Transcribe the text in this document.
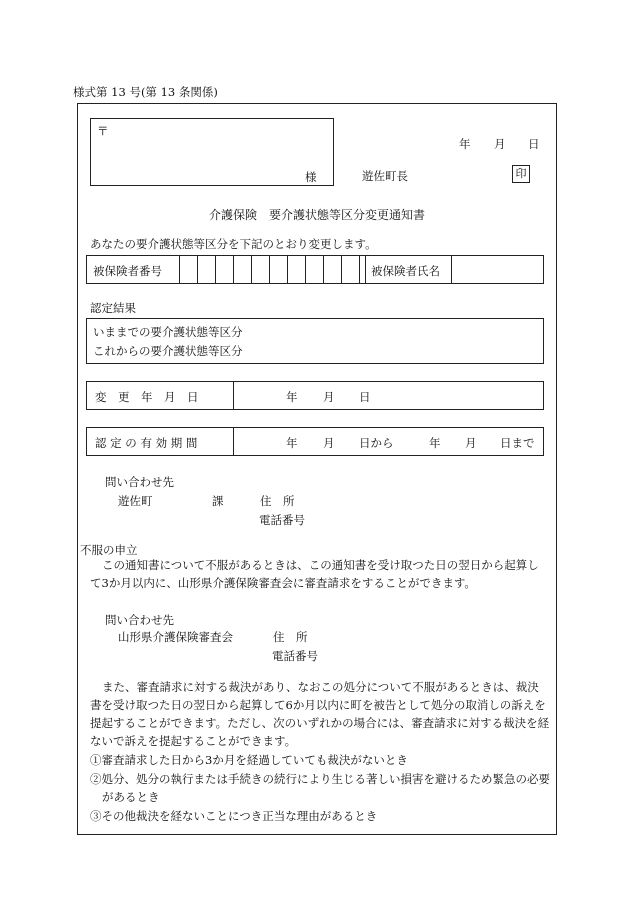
様式第 13 号(第 13 条関係)
〒
様
年 月 日
遊佐町長	印
介護保険　要介護状態等区分変更通知書
あなたの要介護状態等区分を下記のとおり変更します。
被保険者番号	被保険者氏名
認定結果
いままでの要介護状態等区分
これからの要介護状態等区分
変　更　年　月　日	年 月 日
認 定 の 有 効 期 間	年 月 日から	年 月 日まで
問い合わせ先
遊佐町	課	住　所
電話番号
不服の申立
この通知書について不服があるときは、この通知書を受け取つた日の翌日から起算して3か月以内に、山形県介護保険審査会に審査請求をすることができます。
問い合わせ先
山形県介護保険審査会	住　所
電話番号
また、審査請求に対する裁決があり、なおこの処分について不服があるときは、裁決書を受け取つた日の翌日から起算して6か月以内に町を被告として処分の取消しの訴えを提起することができます。ただし、次のいずれかの場合には、審査請求に対する裁決を経ないで訴えを提起することができます。
①審査請求した日から3か月を経過していても裁決がないとき
②処分、処分の執行または手続きの続行により生じる著しい損害を避けるため緊急の必要があるとき
③その他裁決を経ないことにつき正当な理由があるとき
